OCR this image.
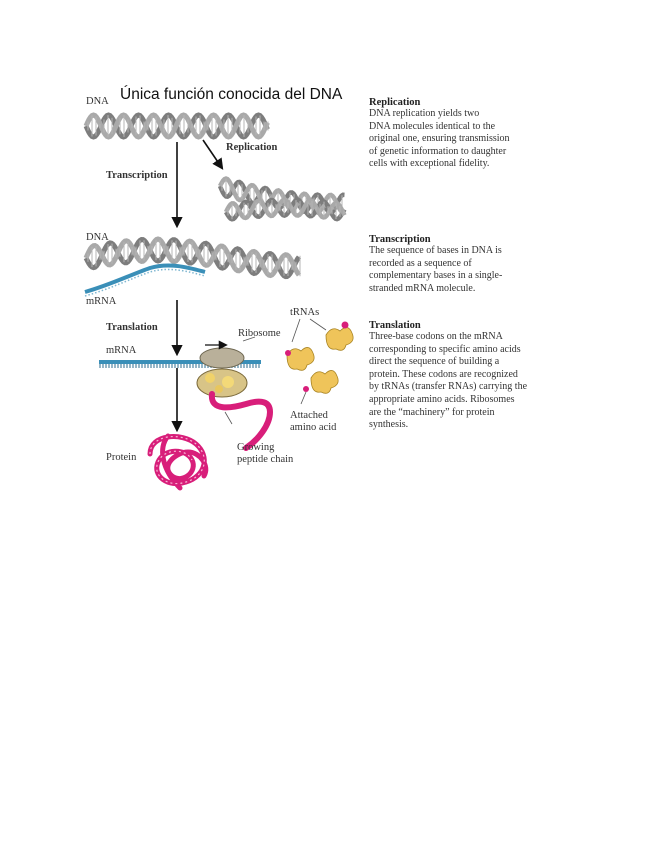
Única función conocida del DNA
DNA
Replication
Transcription
DNA
mRNA
tRNAs
Translation
Ribosome
mRNA
Attached
amino acid
Protein
Growing
peptide chain
Replication
DNA replication yields two
DNA molecules identical to the
original one, ensuring transmission
of genetic information to daughter
cells with exceptional fidelity.
Transcription
The sequence of bases in DNA is
recorded as a sequence of
complementary bases in a single-
stranded mRNA molecule.
Translation
Three-base codons on the mRNA
corresponding to specific amino acids
direct the sequence of building a
protein. These codons are recognized
by tRNAs (transfer RNAs) carrying the
appropriate amino acids. Ribosomes
are the “machinery” for protein
synthesis.
